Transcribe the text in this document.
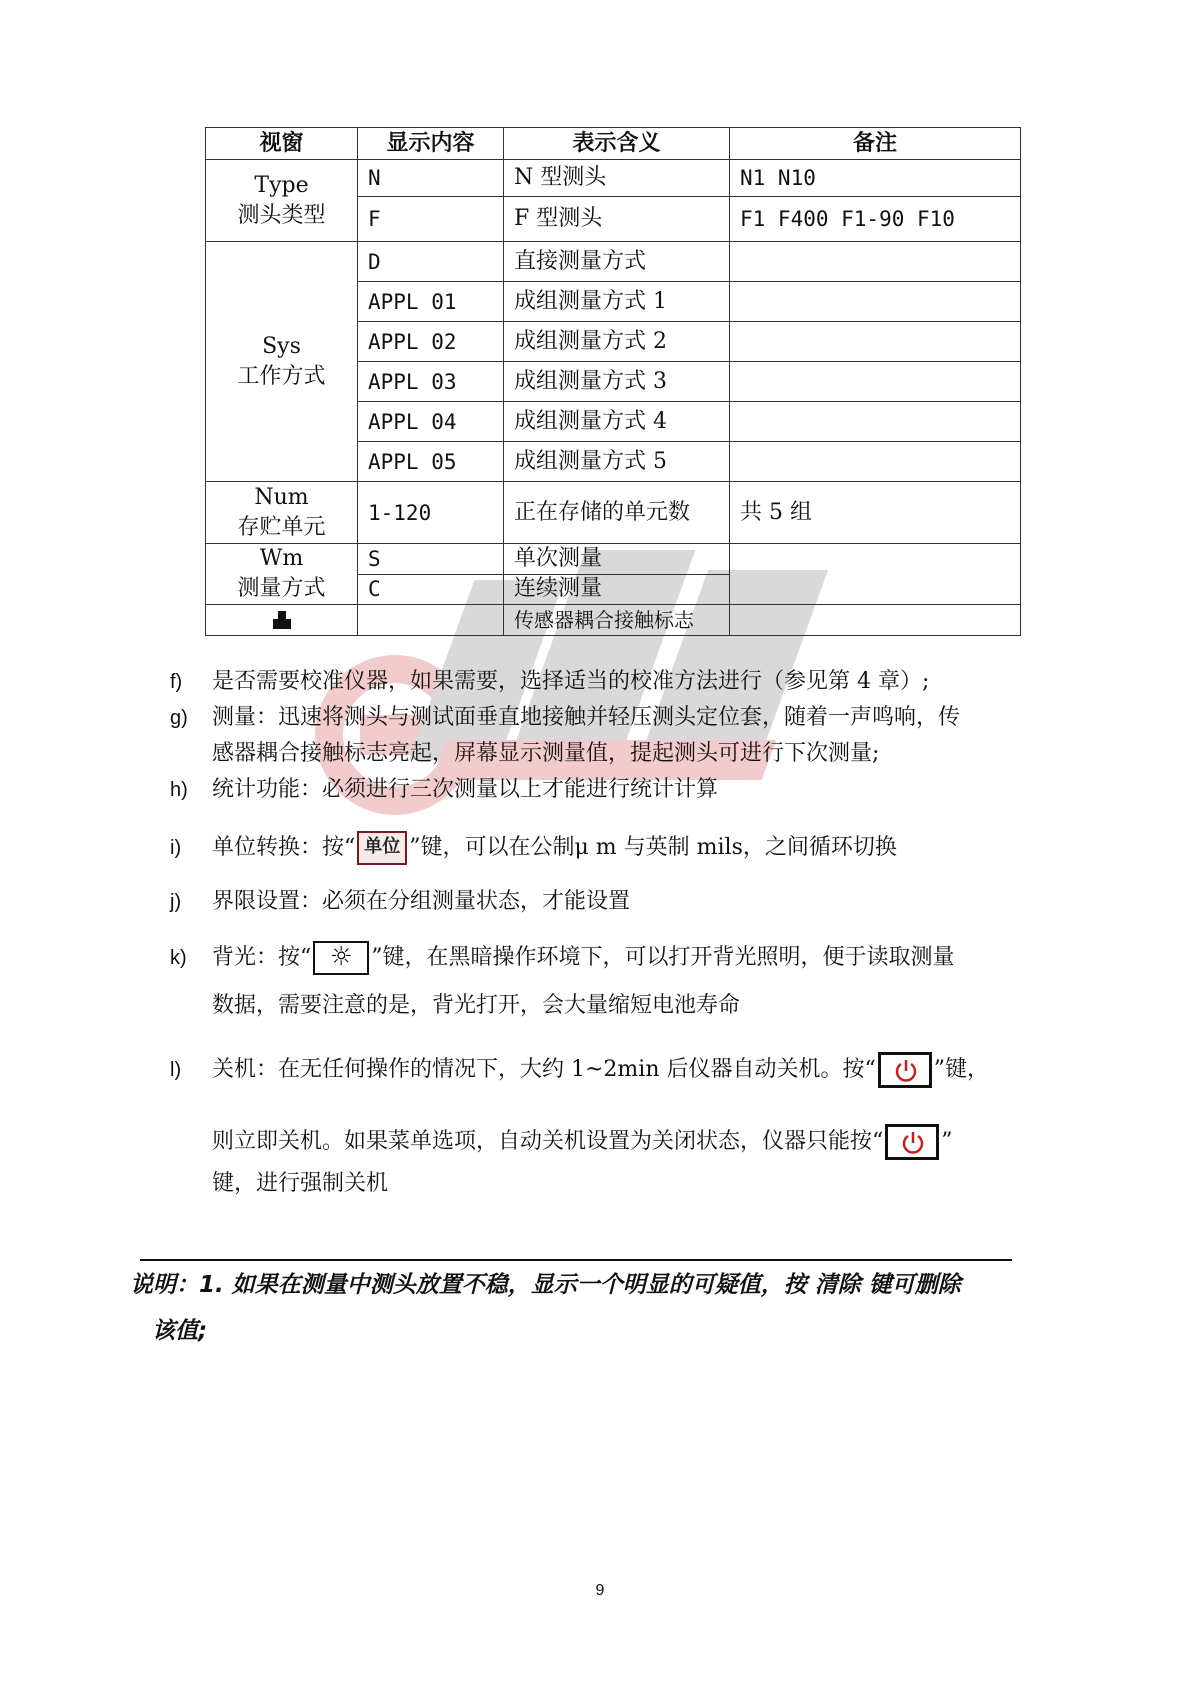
视窗	显示内容	表示含义	备注

Type
测头类型	N	N 型测头	N1 N10
	F	F 型测头	F1 F400 F1-90 F10

Sys
工作方式	D	直接测量方式	
	APPL 01	成组测量方式 1	
	APPL 02	成组测量方式 2	
	APPL 03	成组测量方式 3	
	APPL 04	成组测量方式 4	
	APPL 05	成组测量方式 5	

Num
存贮单元	1-120	正在存储的单元数	共 5 组

Wm
测量方式	S	单次测量	
	C	连续测量	
		传感器耦合接触标志	
f)	是否需要校准仪器，如果需要，选择适当的校准方法进行（参见第 4 章）;
g)	测量：迅速将测头与测试面垂直地接触并轻压测头定位套，随着一声鸣响，传
感器耦合接触标志亮起，屏幕显示测量值，提起测头可进行下次测量;
h)	统计功能：必须进行三次测量以上才能进行统计计算
i)	单位转换：按“ 单位 ”键，可以在公制μ m 与英制 mils，之间循环切换
j)	界限设置：必须在分组测量状态，才能设置
k)	背光：按“ ☼ ”键，在黑暗操作环境下，可以打开背光照明，便于读取测量
数据，需要注意的是，背光打开，会大量缩短电池寿命
l)	关机：在无任何操作的情况下，大约 1~2min 后仪器自动关机。按“	”键，
则立即关机。如果菜单选项，自动关机设置为关闭状态，仪器只能按“	”
键，进行强制关机
说明：1. 如果在测量中测头放置不稳，显示一个明显的可疑值，按 清除 键可删除
该值;
9
